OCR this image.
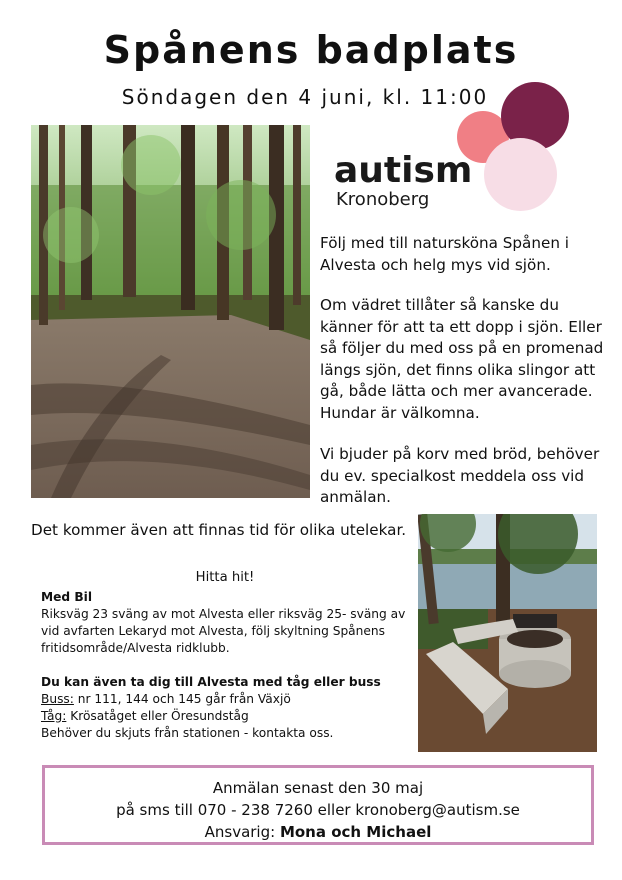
Spånens badplats
Söndagen den 4 juni, kl. 11:00
autism
Kronoberg
Följ med till natursköna Spånen i Alvesta och helg mys vid sjön.
Om vädret tillåter så kanske du känner för att ta ett dopp i sjön. Eller så följer du med oss på en promenad längs sjön, det finns olika slingor att gå, både lätta och mer avancerade. Hundar är välkomna.
Vi bjuder på korv med bröd, behöver du ev. specialkost meddela oss vid anmälan.
Det kommer även att finnas tid för olika utelekar.
Hitta hit!
Med Bil
Riksväg 23 sväng av mot Alvesta eller riksväg 25- sväng av vid avfarten Lekaryd mot Alvesta, följ skyltning Spånens fritidsområde/Alvesta ridklubb.
Du kan även ta dig till Alvesta med tåg eller buss
Buss: nr 111, 144 och 145 går från Växjö
Tåg: Krösatåget eller Öresundståg
Behöver du skjuts från stationen - kontakta oss.
Anmälan senast den 30 maj
på sms till 070 - 238 7260 eller kronoberg@autism.se
Ansvarig: Mona och Michael
